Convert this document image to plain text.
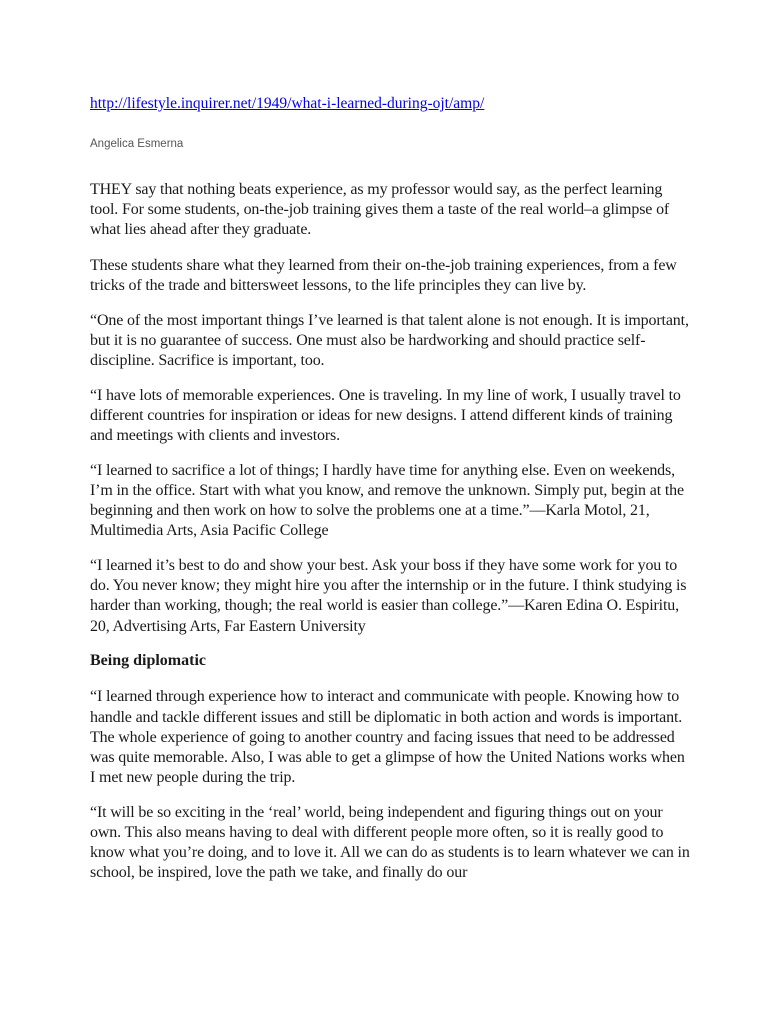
http://lifestyle.inquirer.net/1949/what-i-learned-during-ojt/amp/
Angelica Esmerna

THEY say that nothing beats experience, as my professor would say, as the perfect learning tool. For some students, on-the-job training gives them a taste of the real world–a glimpse of what lies ahead after they graduate.

These students share what they learned from their on-the-job training experiences, from a few tricks of the trade and bittersweet lessons, to the life principles they can live by.

“One of the most important things I’ve learned is that talent alone is not enough. It is important, but it is no guarantee of success. One must also be hardworking and should practice self-discipline. Sacrifice is important, too.

“I have lots of memorable experiences. One is traveling. In my line of work, I usually travel to different countries for inspiration or ideas for new designs. I attend different kinds of training and meetings with clients and investors.

“I learned to sacrifice a lot of things; I hardly have time for anything else. Even on weekends, I’m in the office. Start with what you know, and remove the unknown. Simply put, begin at the beginning and then work on how to solve the problems one at a time.”—Karla Motol, 21, Multimedia Arts, Asia Pacific College

“I learned it’s best to do and show your best. Ask your boss if they have some work for you to do. You never know; they might hire you after the internship or in the future. I think studying is harder than working, though; the real world is easier than college.”—Karen Edina O. Espiritu, 20, Advertising Arts, Far Eastern University

Being diplomatic

“I learned through experience how to interact and communicate with people. Knowing how to handle and tackle different issues and still be diplomatic in both action and words is important. The whole experience of going to another country and facing issues that need to be addressed was quite memorable. Also, I was able to get a glimpse of how the United Nations works when I met new people during the trip.

“It will be so exciting in the ‘real’ world, being independent and figuring things out on your own. This also means having to deal with different people more often, so it is really good to know what you’re doing, and to love it. All we can do as students is to learn whatever we can in school, be inspired, love the path we take, and finally do our
